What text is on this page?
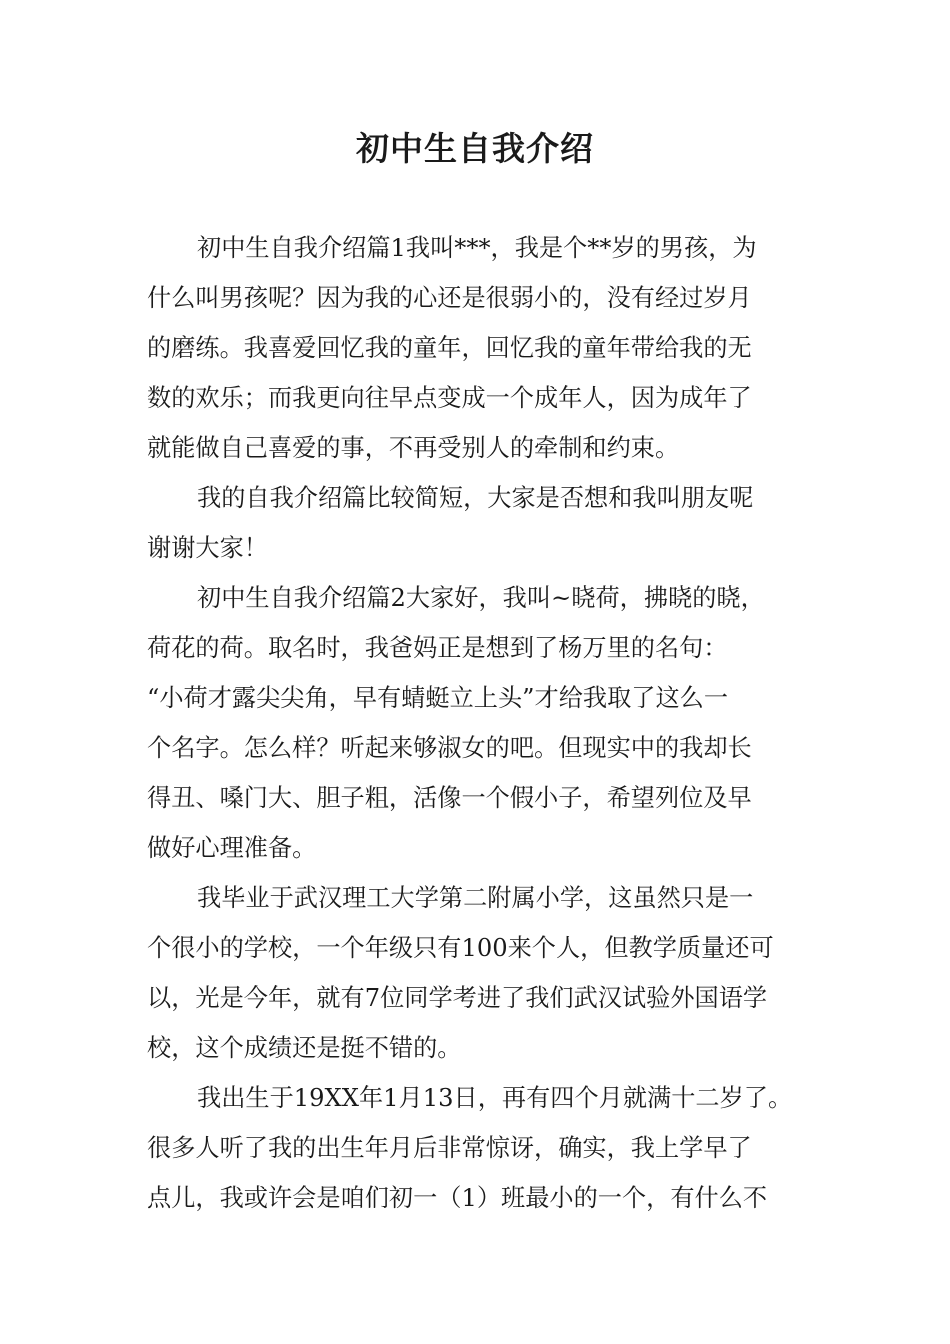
初中生自我介绍

初中生自我介绍篇1我叫***，我是个**岁的男孩，为

什么叫男孩呢？因为我的心还是很弱小的，没有经过岁月

的磨练。我喜爱回忆我的童年，回忆我的童年带给我的无

数的欢乐；而我更向往早点变成一个成年人，因为成年了

就能做自己喜爱的事，不再受别人的牵制和约束。

我的自我介绍篇比较简短，大家是否想和我叫朋友呢

谢谢大家！

初中生自我介绍篇2大家好，我叫~晓荷，拂晓的晓，

荷花的荷。取名时，我爸妈正是想到了杨万里的名句：

“小荷才露尖尖角，早有蜻蜓立上头”才给我取了这么一

个名字。怎么样？听起来够淑女的吧。但现实中的我却长

得丑、嗓门大、胆子粗，活像一个假小子，希望列位及早

做好心理准备。

我毕业于武汉理工大学第二附属小学，这虽然只是一

个很小的学校，一个年级只有100来个人，但教学质量还可

以，光是今年，就有7位同学考进了我们武汉试验外国语学

校，这个成绩还是挺不错的。

我出生于19XX年1月13日，再有四个月就满十二岁了。

很多人听了我的出生年月后非常惊讶，确实，我上学早了

点儿，我或许会是咱们初一（1）班最小的一个，有什么不
